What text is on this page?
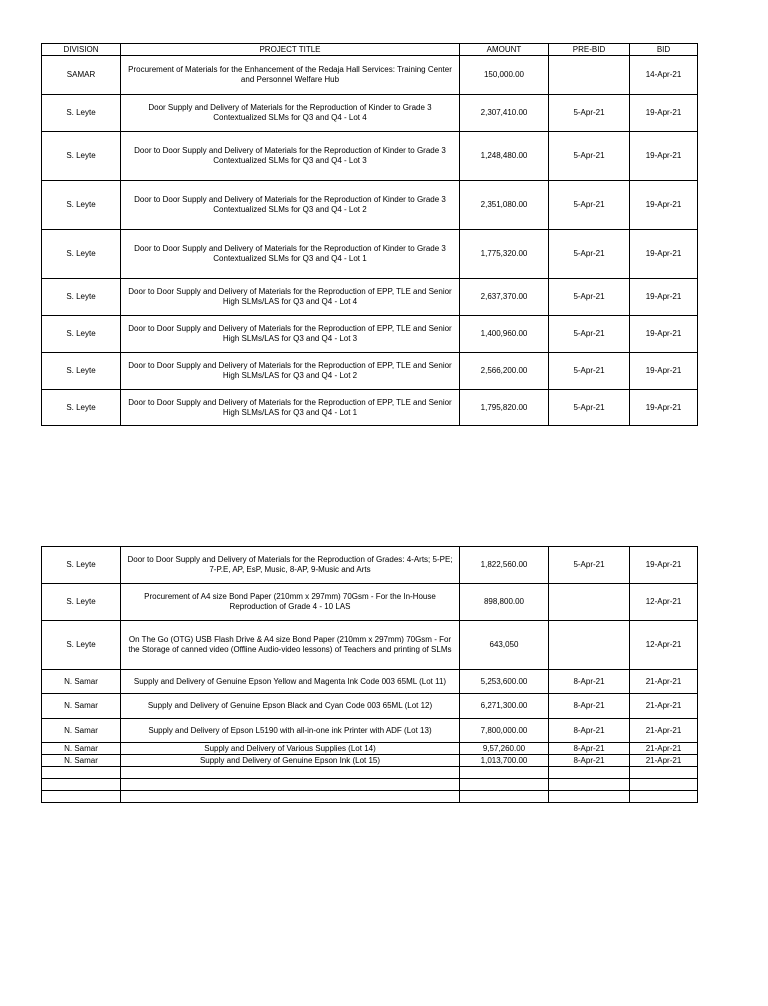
DIVISION	PROJECT TITLE	AMOUNT	PRE-BID	BID
SAMAR	Procurement of Materials for the Enhancement of the Redaja Hall Services: Training Center and Personnel Welfare Hub	150,000.00		14-Apr-21
S. Leyte	Door Supply and Delivery of Materials for the Reproduction of Kinder to Grade 3 Contextualized SLMs for Q3 and Q4 - Lot 4	2,307,410.00	5-Apr-21	19-Apr-21
S. Leyte	Door to Door Supply and Delivery of Materials for the Reproduction of Kinder to Grade 3 Contextualized SLMs for Q3 and Q4 - Lot 3	1,248,480.00	5-Apr-21	19-Apr-21
S. Leyte	Door to Door Supply and Delivery of Materials for the Reproduction of Kinder to Grade 3 Contextualized SLMs for Q3 and Q4 - Lot 2	2,351,080.00	5-Apr-21	19-Apr-21
S. Leyte	Door to Door Supply and Delivery of Materials for the Reproduction of Kinder to Grade 3 Contextualized SLMs for Q3 and Q4 - Lot 1	1,775,320.00	5-Apr-21	19-Apr-21
S. Leyte	Door to Door Supply and Delivery of Materials for the Reproduction of EPP, TLE and Senior High SLMs/LAS for Q3 and Q4 - Lot 4	2,637,370.00	5-Apr-21	19-Apr-21
S. Leyte	Door to Door Supply and Delivery of Materials for the Reproduction of EPP, TLE and Senior High SLMs/LAS for Q3 and Q4 - Lot 3	1,400,960.00	5-Apr-21	19-Apr-21
S. Leyte	Door to Door Supply and Delivery of Materials for the Reproduction of EPP, TLE and Senior High SLMs/LAS for Q3 and Q4 - Lot 2	2,566,200.00	5-Apr-21	19-Apr-21
S. Leyte	Door to Door Supply and Delivery of Materials for the Reproduction of EPP, TLE and Senior High SLMs/LAS for Q3 and Q4 - Lot 1	1,795,820.00	5-Apr-21	19-Apr-21
S. Leyte	Door to Door Supply and Delivery of Materials for the Reproduction of Grades: 4-Arts; 5-PE; 7-P.E, AP, EsP, Music, 8-AP, 9-Music and Arts	1,822,560.00	5-Apr-21	19-Apr-21
S. Leyte	Procurement of A4 size Bond Paper (210mm x 297mm) 70Gsm - For the In-House Reproduction of Grade 4 - 10 LAS	898,800.00		12-Apr-21
S. Leyte	On The Go (OTG) USB Flash Drive & A4 size Bond Paper (210mm x 297mm) 70Gsm - For the Storage of canned video (Offline Audio-video lessons) of Teachers and printing of SLMs	643,050		12-Apr-21
N. Samar	Supply and Delivery of Genuine Epson Yellow and Magenta Ink Code 003 65ML (Lot 11)	5,253,600.00	8-Apr-21	21-Apr-21
N. Samar	Supply and Delivery of Genuine Epson Black and Cyan Code 003 65ML (Lot 12)	6,271,300.00	8-Apr-21	21-Apr-21
N. Samar	Supply and Delivery of Epson L5190 with all-in-one ink Printer with ADF (Lot 13)	7,800,000.00	8-Apr-21	21-Apr-21
N. Samar	Supply and Delivery of Various Supplies (Lot 14)	9,57,260.00	8-Apr-21	21-Apr-21
N. Samar	Supply and Delivery of Genuine Epson Ink (Lot 15)	1,013,700.00	8-Apr-21	21-Apr-21
